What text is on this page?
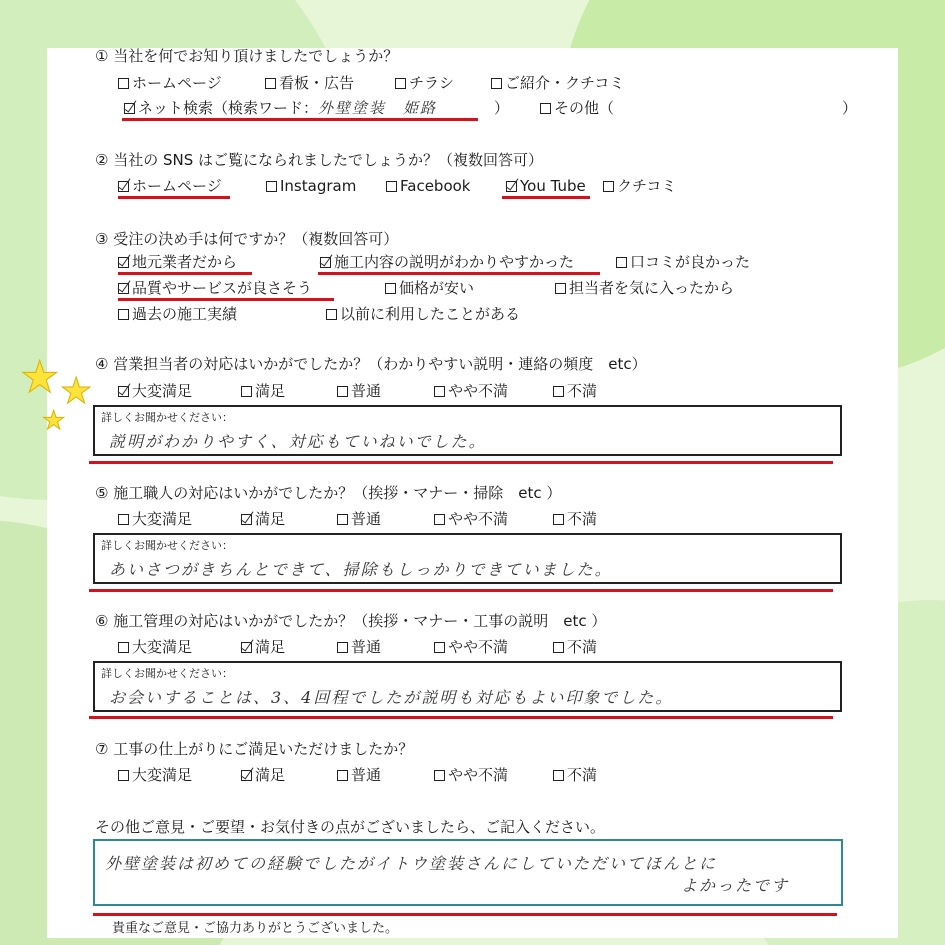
★ ★
★
① 当社を何でお知り頂けましたでしょうか？
ホームページ	看板・広告	チラシ	ご紹介・クチコミ
ネット検索（検索ワード：外壁塗装　姫路	）	その他（	）
② 当社の SNS はご覧になられましたでしょうか？（複数回答可）
ホームページ	Instagram	Facebook	You Tube	クチコミ
③ 受注の決め手は何ですか？（複数回答可）
地元業者だから	施工内容の説明がわかりやすかった	口コミが良かった
品質やサービスが良さそう	価格が安い	担当者を気に入ったから
過去の施工実績	以前に利用したことがある
④ 営業担当者の対応はいかがでしたか？（わかりやすい説明・連絡の頻度　etc）
大変満足	満足	普通	やや不満	不満
詳しくお聞かせください：
説明がわかりやすく、対応もていねいでした。
⑤ 施工職人の対応はいかがでしたか？（挨拶・マナー・掃除　etc ）
大変満足	満足	普通	やや不満	不満
詳しくお聞かせください：
あいさつがきちんとできて、掃除もしっかりできていました。
⑥ 施工管理の対応はいかがでしたか？（挨拶・マナー・工事の説明　etc ）
大変満足	満足	普通	やや不満	不満
詳しくお聞かせください：
お会いすることは、3、4回程でしたが説明も対応もよい印象でした。
⑦ 工事の仕上がりにご満足いただけましたか？
大変満足	満足	普通	やや不満	不満
その他ご意見・ご要望・お気付きの点がございましたら、ご記入ください。
外壁塗装は初めての経験でしたがイトウ塗装さんにしていただいてほんとに
よかったです
貴重なご意見・ご協力ありがとうございました。
